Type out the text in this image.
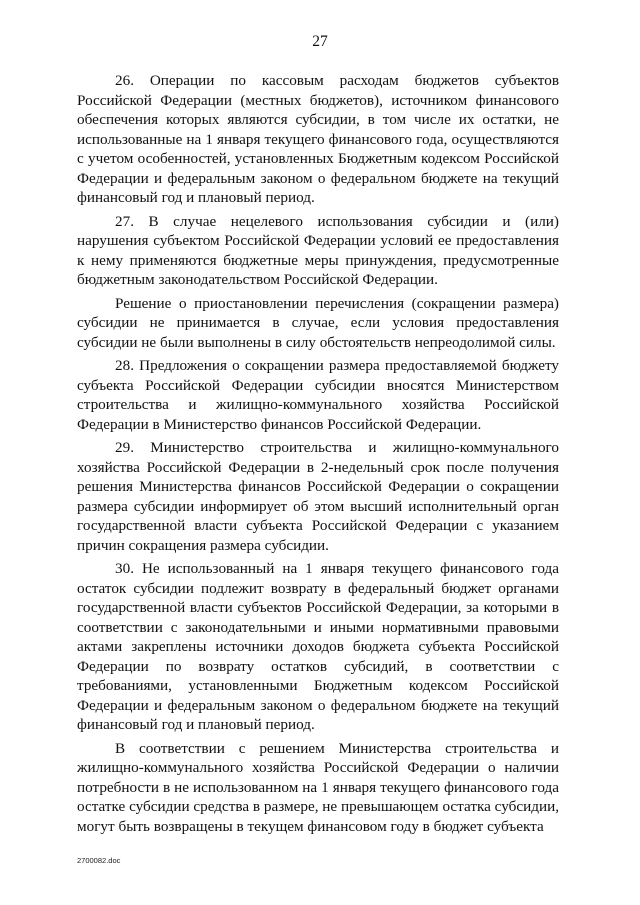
27

26. Операции по кассовым расходам бюджетов субъектов Российской Федерации (местных бюджетов), источником финансового обеспечения которых являются субсидии, в том числе их остатки, не использованные на 1 января текущего финансового года, осуществляются с учетом особенностей, установленных Бюджетным кодексом Российской Федерации и федеральным законом о федеральном бюджете на текущий финансовый год и плановый период.

27. В случае нецелевого использования субсидии и (или) нарушения субъектом Российской Федерации условий ее предоставления к нему применяются бюджетные меры принуждения, предусмотренные бюджетным законодательством Российской Федерации.

Решение о приостановлении перечисления (сокращении размера) субсидии не принимается в случае, если условия предоставления субсидии не были выполнены в силу обстоятельств непреодолимой силы.

28. Предложения о сокращении размера предоставляемой бюджету субъекта Российской Федерации субсидии вносятся Министерством строительства и жилищно-коммунального хозяйства Российской Федерации в Министерство финансов Российской Федерации.

29. Министерство строительства и жилищно-коммунального хозяйства Российской Федерации в 2-недельный срок после получения решения Министерства финансов Российской Федерации о сокращении размера субсидии информирует об этом высший исполнительный орган государственной власти субъекта Российской Федерации с указанием причин сокращения размера субсидии.

30. Не использованный на 1 января текущего финансового года остаток субсидии подлежит возврату в федеральный бюджет органами государственной власти субъектов Российской Федерации, за которыми в соответствии с законодательными и иными нормативными правовыми актами закреплены источники доходов бюджета субъекта Российской Федерации по возврату остатков субсидий, в соответствии с требованиями, установленными Бюджетным кодексом Российской Федерации и федеральным законом о федеральном бюджете на текущий финансовый год и плановый период.

В соответствии с решением Министерства строительства и жилищно-коммунального хозяйства Российской Федерации о наличии потребности в не использованном на 1 января текущего финансового года остатке субсидии средства в размере, не превышающем остатка субсидии, могут быть возвращены в текущем финансовом году в бюджет субъекта

2700082.doc
